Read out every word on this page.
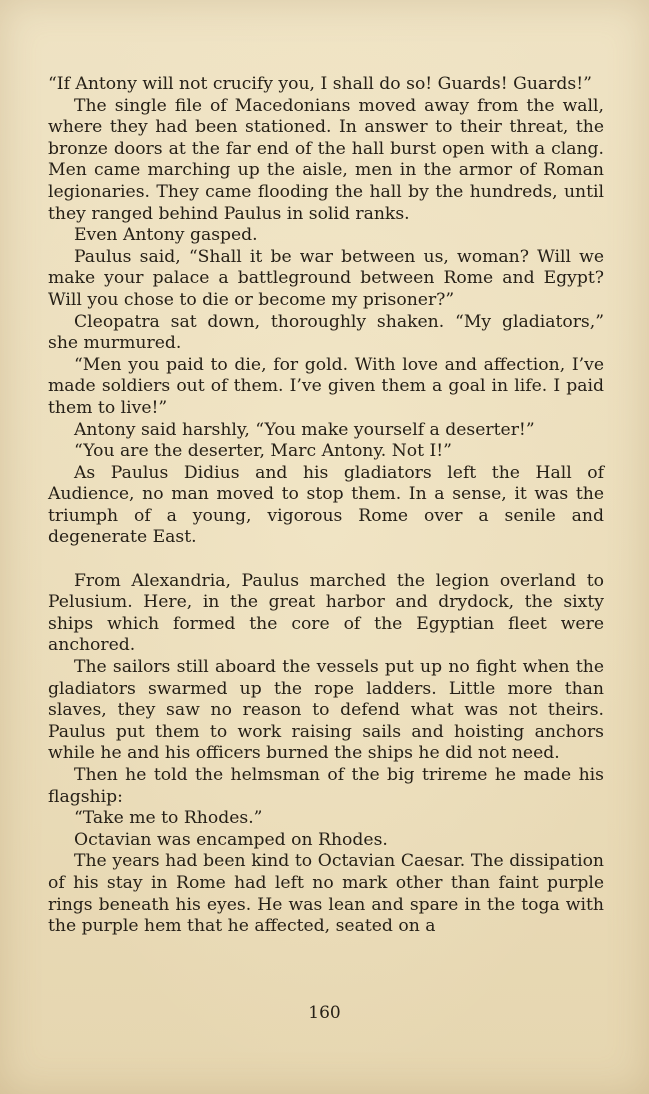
“If Antony will not crucify you, I shall do so! Guards! Guards!”

The single file of Macedonians moved away from the wall, where they had been stationed. In answer to their threat, the bronze doors at the far end of the hall burst open with a clang. Men came marching up the aisle, men in the armor of Roman legionaries. They came flooding the hall by the hundreds, until they ranged behind Paulus in solid ranks.

Even Antony gasped.

Paulus said, “Shall it be war between us, woman? Will we make your palace a battleground between Rome and Egypt? Will you chose to die or become my prisoner?”

Cleopatra sat down, thoroughly shaken. “My gladiators,” she murmured.

“Men you paid to die, for gold. With love and affection, I’ve made soldiers out of them. I’ve given them a goal in life. I paid them to live!”

Antony said harshly, “You make yourself a deserter!”

“You are the deserter, Marc Antony. Not I!”

As Paulus Didius and his gladiators left the Hall of Audience, no man moved to stop them. In a sense, it was the triumph of a young, vigorous Rome over a senile and degenerate East.

From Alexandria, Paulus marched the legion overland to Pelusium. Here, in the great harbor and drydock, the sixty ships which formed the core of the Egyptian fleet were anchored.

The sailors still aboard the vessels put up no fight when the gladiators swarmed up the rope ladders. Little more than slaves, they saw no reason to defend what was not theirs. Paulus put them to work raising sails and hoisting anchors while he and his officers burned the ships he did not need.

Then he told the helmsman of the big trireme he made his flagship:

“Take me to Rhodes.”

Octavian was encamped on Rhodes.

The years had been kind to Octavian Caesar. The dissipation of his stay in Rome had left no mark other than faint purple rings beneath his eyes. He was lean and spare in the toga with the purple hem that he affected, seated on a

160
